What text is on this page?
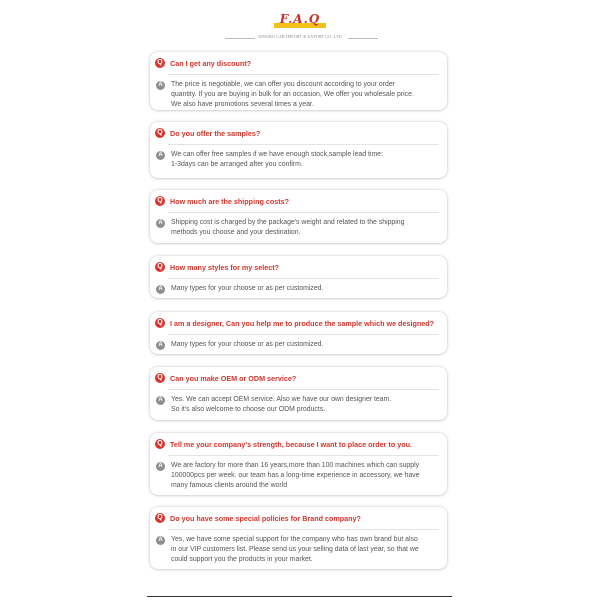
F.A.Q
NINGBO LAB IMPORT & EXPORT CO.,LTD
Q	Can I get any discount?
A	The price is negotiable, we can offer you discount according to your order
quantity. If you are buying in bulk for an occasion, We offer you wholesale price.
We also have promotions several times a year.
Q	Do you offer the samples?
A	We can offer free samples if we have enough stock,sample lead time:
1-3days can be arranged after you confirm.
Q	How much are the shipping costs?
A	Shipping cost is charged by the package's weight and related to the shipping
methods you choose and your destination.
Q	How many styles for my select?
A	Many types for your choose or as per customized.
Q	I am a designer, Can you help me to produce the sample which we designed?
A	Many types for your choose or as per customized.
Q	Can you make OEM or ODM service?
A	Yes. We can accept OEM service. Also we have our own designer team.
So it's also welcome to choose our ODM products.
Q	Tell me your company's strength, because I want to place order to you.
A	We are factory for more than 16 years,more than 100 machines which can supply
100000pcs per week. our team has a long-time experience in accessory, we have
many famous clients around the world
Q	Do you have some special policies for Brand company?
A	Yes, we have some special support for the company who has own brand but also
in our VIP customers list. Please send us your selling data of last year, so that we
could support you the products in your market.
